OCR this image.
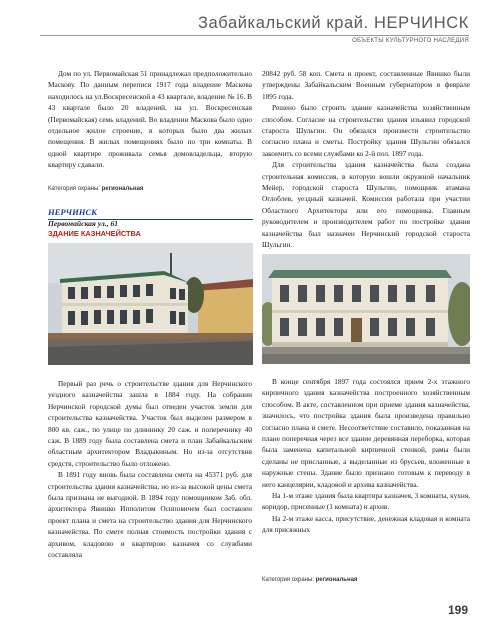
Забайкальский край. НЕРЧИНСК
ОБЪЕКТЫ КУЛЬТУРНОГО НАСЛЕДИЯ

Дом по ул. Первомайская 51 принадлежал предположительно Маскову. По данным переписи 1917 года владение Маскова находилось на ул.Воскресенской в 43 квартале, владение № 16. В 43 квартале было 20 владений, на ул. Воскресенская (Первомайская) семь владений. Во владении Маскова было одно отдельное жилое строение, в которых было два жилых помещения. В жилых помещениях было по три комнаты. В одной квартире проживала семья домовладельца, вторую квартиру сдавали.

Категория охраны: региональная
НЕРЧИНСК
Первомайская ул., 61
ЗДАНИЕ КАЗНАЧЕЙСТВА

Первый раз речь о строительстве здания для Нерчинского уездного казначейства зашла в 1884 году. На собрании Нерчинской городской думы был отведен участок земли для строительства казначейства. Участок был выделен размером в 800 кв. саж., по улице по длиннику 20 саж. и поперечнику 40 саж. В 1889 году была составлена смета и план Забайкальским областным архитектором Владыкиным. Но из-за отсутствия средств, строительство было отложено.

В 1891 году вновь была составлена смета на 45371 руб. для строительства здания казначейства, но из-за высокой цены смета была признана не выгодной. В 1894 году помощником Заб. обл. архитектора Явишко Ипполитом Осиповичем был составлен проект плана и смета на строительство здания для Нерчинского казначейства. По смете полная стоимость постройки здания с архивом, кладовою и квартирою казначея со службами составляла

20842 руб. 58 коп. Смета и проект, составленные Явишко были утверждены Забайкальским Военным губернатором в феврале 1895 года.

Решено было строить здание казначейства хозяйственным способом. Согласие на строительство здания изъявил городской староста Шульгин. Он обязался произвести строительство согласно плана и сметы. Постройку здания Шульгин обязался закончить со всеми службами ко 2-й пол. 1897 года.

Для строительства здания казначейства была создана строительная комиссия, в которую вошли окружной начальник Мейер, городской староста Шульгин, помощник атамана Оглоблев, уездный казначей. Комиссия работала при участии Областного Архитектора или его помощника. Главным руководителем и производителем работ по постройке здания казначейства был назначен Нерчинский городской староста Шульгин.

В конце сентября 1897 года состоялся прием 2-х этажного кирпичного здания казначейства построенного хозяйственным способом. В акте, составленном при приеме здания казначейства, значилось, что постройка здания была произведена правильно согласно плана и смете. Несоответствие составило, показанная на плане поперечная через все здание деревянная переборка, которая была заменена капитальной кирпичной стенкой, рамы были сделаны не присланные, а выделанные из брусьев, вложенные в наружные стены. Здание было признано готовым к переводу в него канцелярии, кладовой и архива казначейства.

На 1-м этаже здания была квартира казначея, 3 комнаты, кухня, коридор, присенные (1 комната) и архив.

На 2-м этаже касса, присутствие, денежная кладовая и комната для присяжных

Категория охраны: региональная
199
